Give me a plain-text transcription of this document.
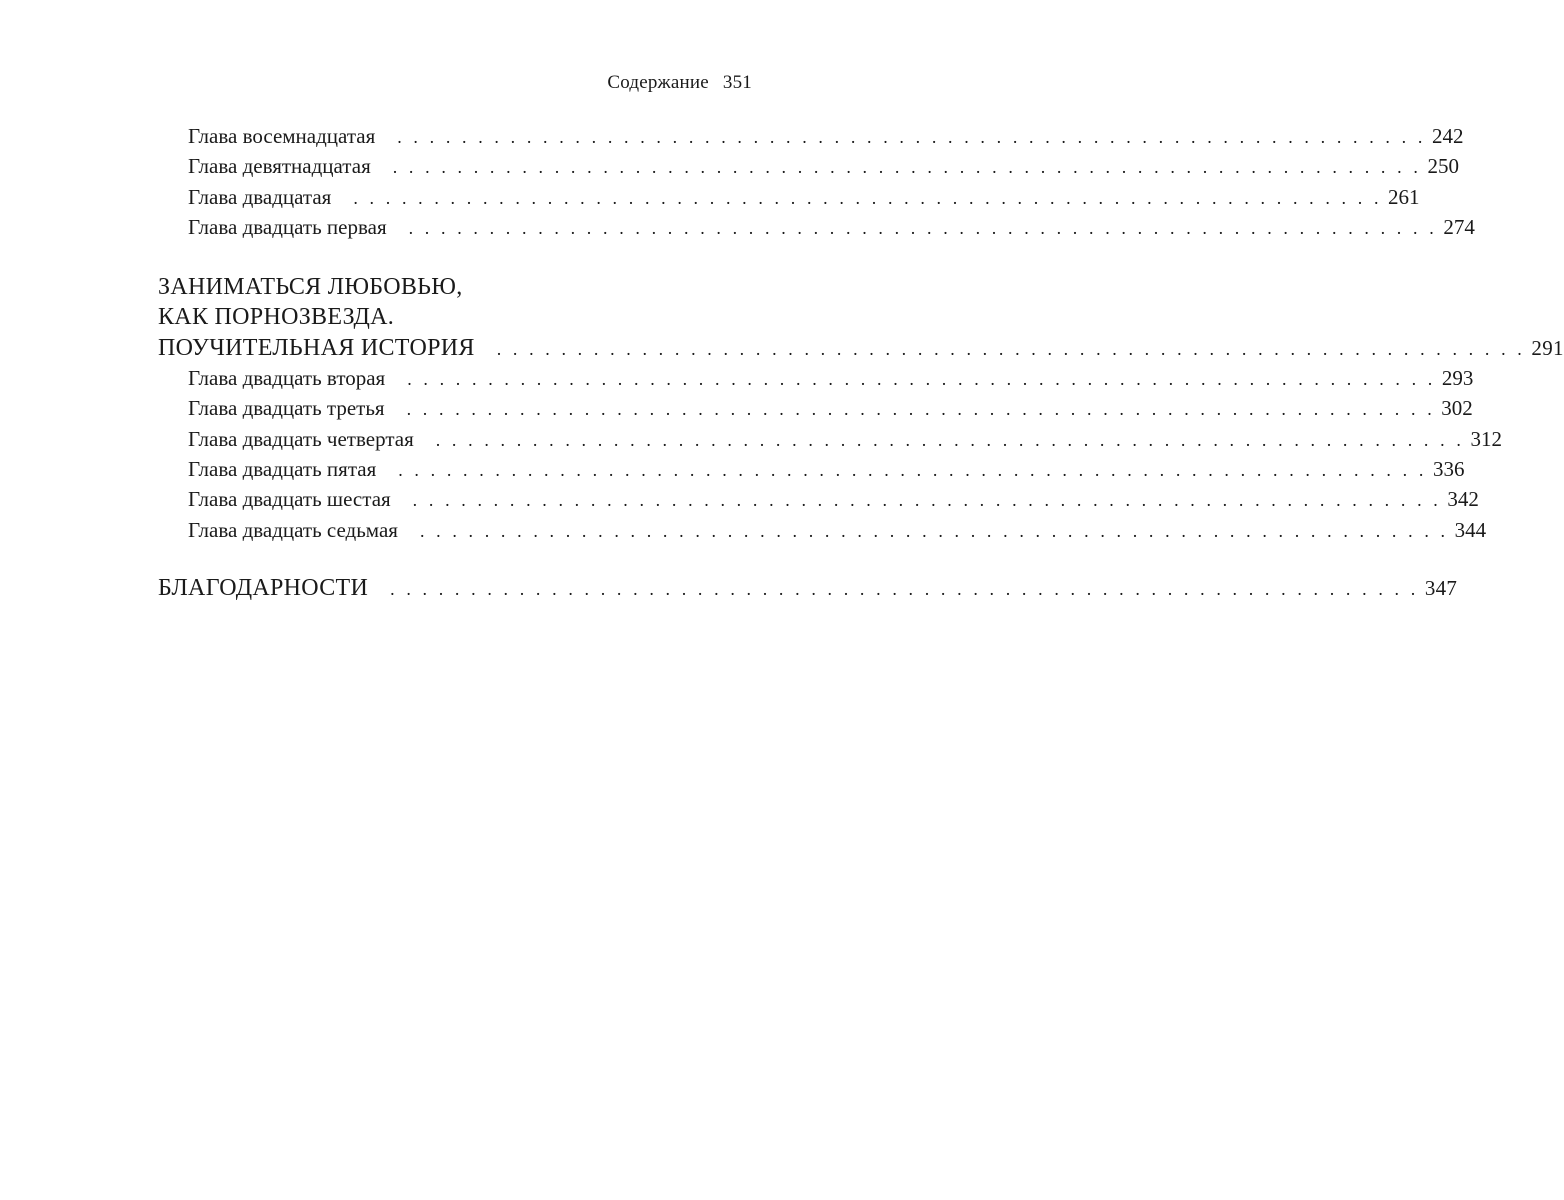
Содержание 351
Глава восемнадцатая . . . . . . . . . . . . . . . . . . . . . . . . . . . . . . . . . . . . . . . . . . . . . . . . . . . . . . . . . . . . . . . . 242
Глава девятнадцатая . . . . . . . . . . . . . . . . . . . . . . . . . . . . . . . . . . . . . . . . . . . . . . . . . . . . . . . . . . . . . . . . 250
Глава двадцатая . . . . . . . . . . . . . . . . . . . . . . . . . . . . . . . . . . . . . . . . . . . . . . . . . . . . . . . . . . . . . . . . 261
Глава двадцать первая . . . . . . . . . . . . . . . . . . . . . . . . . . . . . . . . . . . . . . . . . . . . . . . . . . . . . . . . . . . . . . . . 274
ЗАНИМАТЬСЯ ЛЮБОВЬЮ,
КАК ПОРНОЗВЕЗДА.
ПОУЧИТЕЛЬНАЯ ИСТОРИЯ . . . . . . . . . . . . . . . . . . . . . . . . . . . . . . . . . . . . . . . . . . . . . . . . . . . . . . . . . . . . . . . . 291
Глава двадцать вторая . . . . . . . . . . . . . . . . . . . . . . . . . . . . . . . . . . . . . . . . . . . . . . . . . . . . . . . . . . . . . . . . 293
Глава двадцать третья . . . . . . . . . . . . . . . . . . . . . . . . . . . . . . . . . . . . . . . . . . . . . . . . . . . . . . . . . . . . . . . . 302
Глава двадцать четвертая . . . . . . . . . . . . . . . . . . . . . . . . . . . . . . . . . . . . . . . . . . . . . . . . . . . . . . . . . . . . . . . . 312
Глава двадцать пятая . . . . . . . . . . . . . . . . . . . . . . . . . . . . . . . . . . . . . . . . . . . . . . . . . . . . . . . . . . . . . . . . 336
Глава двадцать шестая . . . . . . . . . . . . . . . . . . . . . . . . . . . . . . . . . . . . . . . . . . . . . . . . . . . . . . . . . . . . . . . . 342
Глава двадцать седьмая . . . . . . . . . . . . . . . . . . . . . . . . . . . . . . . . . . . . . . . . . . . . . . . . . . . . . . . . . . . . . . . . 344
БЛАГОДАРНОСТИ . . . . . . . . . . . . . . . . . . . . . . . . . . . . . . . . . . . . . . . . . . . . . . . . . . . . . . . . . . . . . . . . 347
